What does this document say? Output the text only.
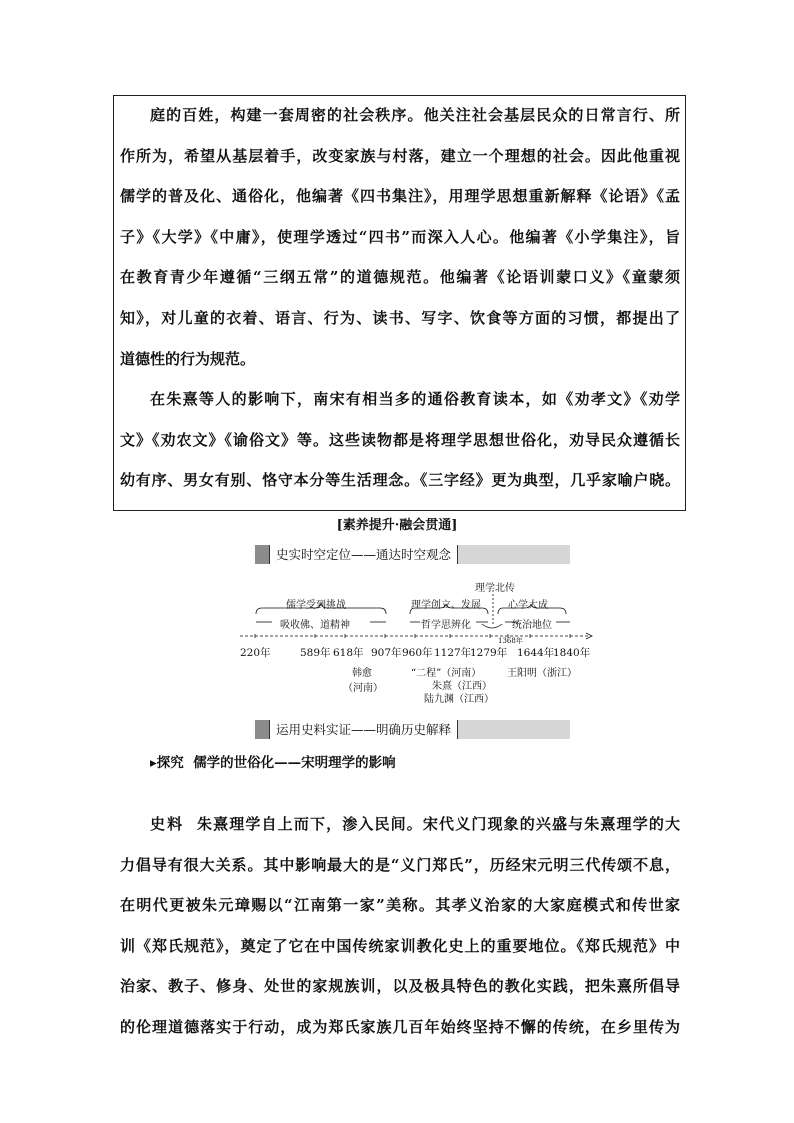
庭的百姓，构建一套周密的社会秩序。他关注社会基层民众的日常言行、所
作所为，希望从基层着手，改变家族与村落，建立一个理想的社会。因此他重视
儒学的普及化、通俗化，他编著《四书集注》，用理学思想重新解释《论语》《孟
子》《大学》《中庸》，使理学透过“四书”而深入人心。他编著《小学集注》，旨
在教育青少年遵循“三纲五常”的道德规范。他编著《论语训蒙口义》《童蒙须
知》，对儿童的衣着、语言、行为、读书、写字、饮食等方面的习惯，都提出了
道德性的行为规范。
在朱熹等人的影响下，南宋有相当多的通俗教育读本，如《劝孝文》《劝学
文》《劝农文》《谕俗文》等。这些读物都是将理学思想世俗化，劝导民众遵循长
幼有序、男女有别、恪守本分等生活理念。《三字经》更为典型，几乎家喻户晓。
[素养提升·融会贯通]
史实时空定位——通达时空观念
儒学受到挑战
吸收佛、道精神
理学北传
理学创立、发展	心学大成
哲学思辨化	统治地位
220年	589年 618年 907年 960年 1127年
1279年
1368年
1644年
1840年
韩愈
（河南）
“二程”（河南）
朱熹（江西）
陆九渊（江西）
王阳明（浙江）
运用史料实证——明确历史解释
▸探究 儒学的世俗化——宋明理学的影响
史料 朱熹理学自上而下，渗入民间。宋代义门现象的兴盛与朱熹理学的大
力倡导有很大关系。其中影响最大的是“义门郑氏”，历经宋元明三代传颂不息，
在明代更被朱元璋赐以“江南第一家”美称。其孝义治家的大家庭模式和传世家
训《郑氏规范》，奠定了它在中国传统家训教化史上的重要地位。《郑氏规范》中
治家、教子、修身、处世的家规族训，以及极具特色的教化实践，把朱熹所倡导
的伦理道德落实于行动，成为郑氏家族几百年始终坚持不懈的传统，在乡里传为
